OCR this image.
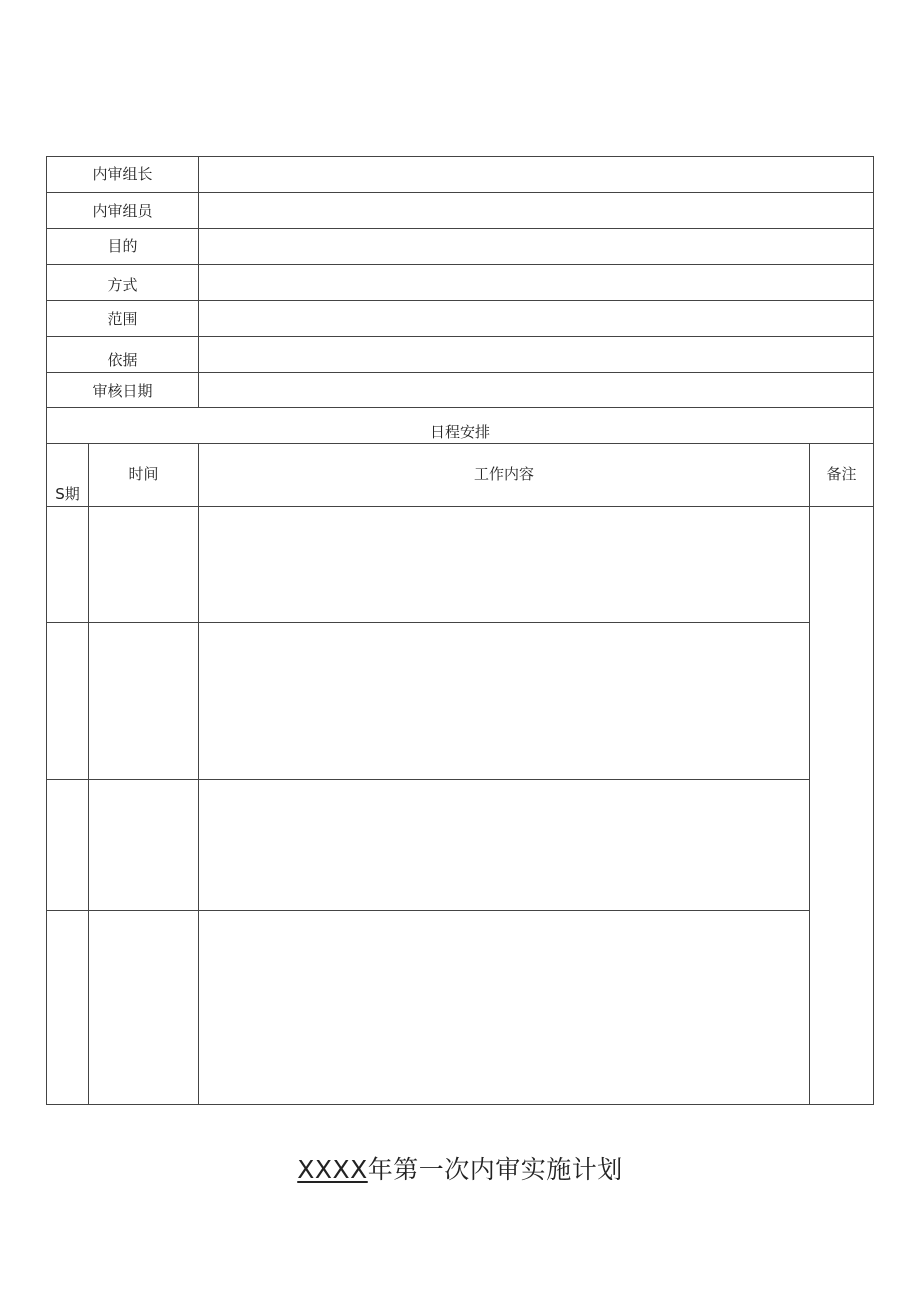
内审组长
内审组员
目的
方式
范围
依据
审核日期
日程安排
S期
时间	工作内容	备注
XXXX年第一次内审实施计划
